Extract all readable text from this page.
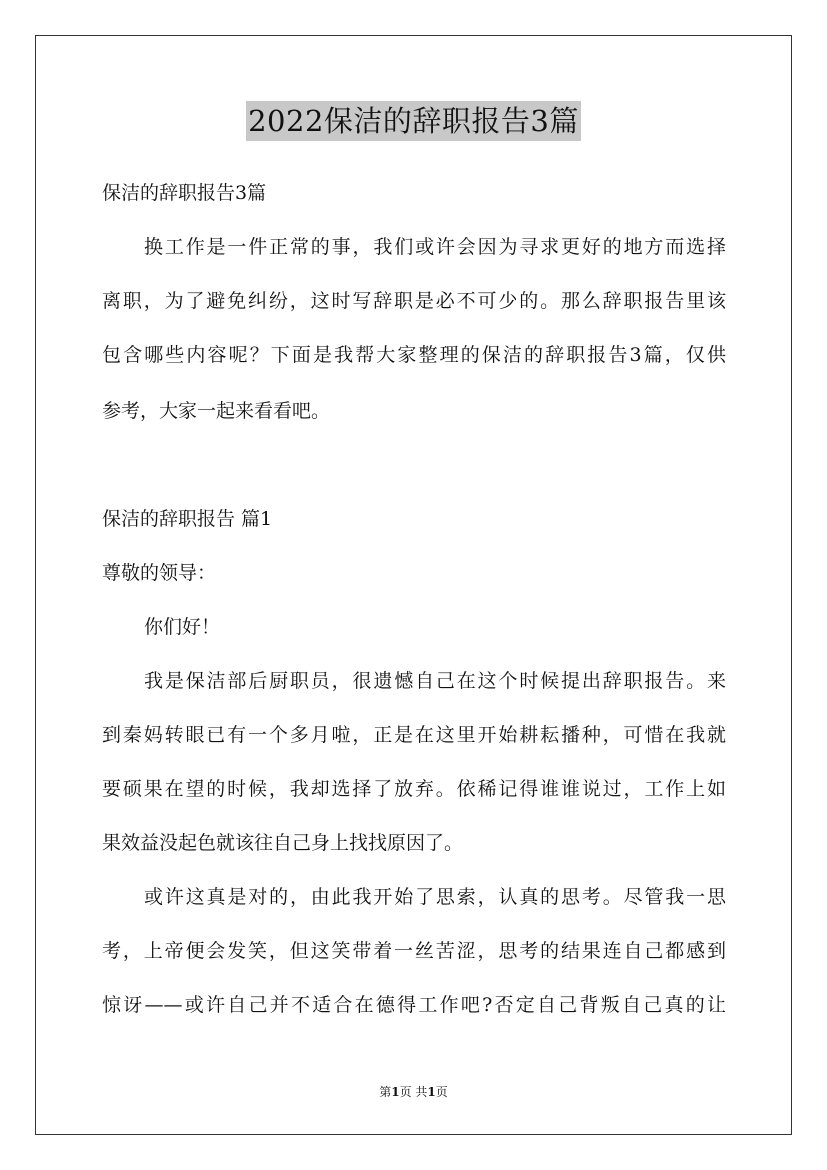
2022保洁的辞职报告3篇
保洁的辞职报告3篇
换工作是一件正常的事，我们或许会因为寻求更好的地方而选择
离职，为了避免纠纷，这时写辞职是必不可少的。那么辞职报告里该
包含哪些内容呢？下面是我帮大家整理的保洁的辞职报告3篇，仅供
参考，大家一起来看看吧。
保洁的辞职报告 篇1
尊敬的领导：
你们好！
我是保洁部后厨职员，很遗憾自己在这个时候提出辞职报告。来
到秦妈转眼已有一个多月啦，正是在这里开始耕耘播种，可惜在我就
要硕果在望的时候，我却选择了放弃。依稀记得谁谁说过，工作上如
果效益没起色就该往自己身上找找原因了。
或许这真是对的，由此我开始了思索，认真的思考。尽管我一思
考，上帝便会发笑，但这笑带着一丝苦涩，思考的结果连自己都感到
惊讶——或许自己并不适合在德得工作吧?否定自己背叛自己真的让
第1页 共1页
